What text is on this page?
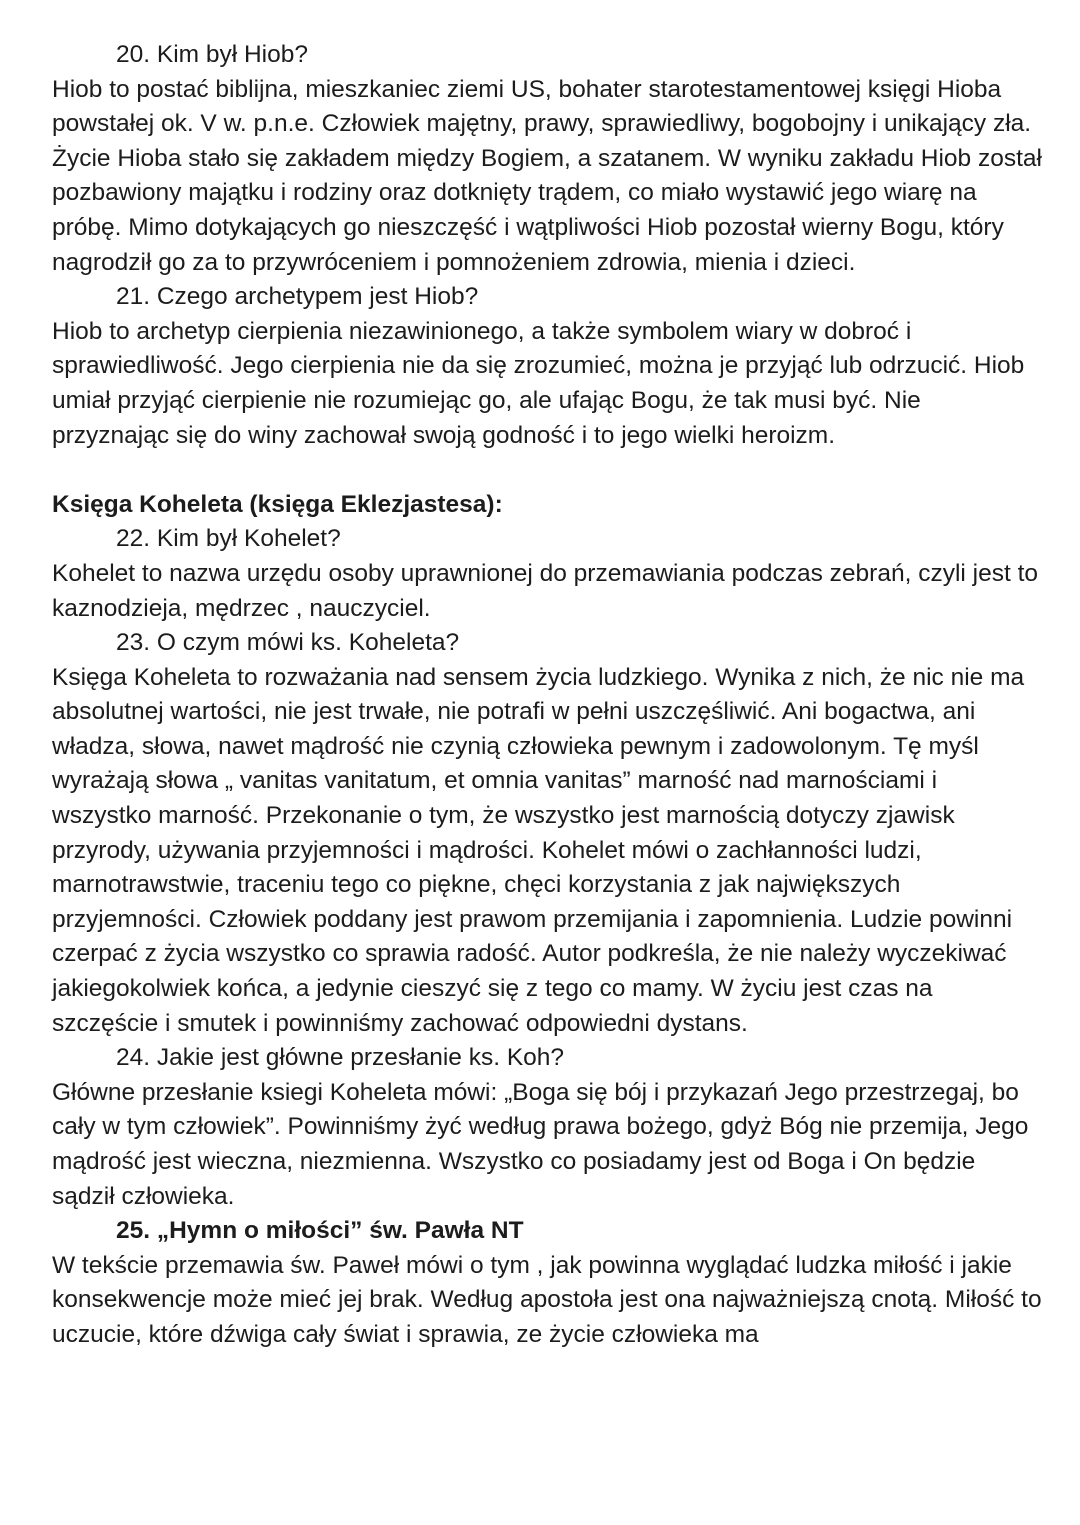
20. Kim był Hiob?

Hiob to postać biblijna, mieszkaniec ziemi US, bohater starotestamentowej księgi Hioba powstałej ok. V w. p.n.e. Człowiek majętny, prawy, sprawiedliwy, bogobojny i unikający zła. Życie Hioba stało się zakładem między Bogiem, a szatanem. W wyniku zakładu Hiob został pozbawiony majątku i rodziny oraz dotknięty trądem, co miało wystawić jego wiarę na próbę. Mimo dotykających go nieszczęść i wątpliwości Hiob pozostał wierny Bogu, który nagrodził go za to przywróceniem i pomnożeniem zdrowia, mienia i dzieci.

21. Czego archetypem jest Hiob?

Hiob to archetyp cierpienia niezawinionego, a także symbolem wiary w dobroć i sprawiedliwość. Jego cierpienia nie da się zrozumieć, można je przyjąć lub odrzucić. Hiob umiał przyjąć cierpienie nie rozumiejąc go, ale ufając Bogu, że tak musi być. Nie przyznając się do winy zachował swoją godność i to jego wielki heroizm.

Księga Koheleta (księga Eklezjastesa):

22. Kim był Kohelet?

Kohelet to nazwa urzędu osoby uprawnionej do przemawiania podczas zebrań, czyli jest to kaznodzieja, mędrzec , nauczyciel.

23. O czym mówi ks. Koheleta?

Księga Koheleta to rozważania nad sensem życia ludzkiego. Wynika z nich, że nic nie ma absolutnej wartości, nie jest trwałe, nie potrafi w pełni uszczęśliwić. Ani bogactwa, ani władza, słowa, nawet mądrość nie czynią człowieka pewnym i zadowolonym. Tę myśl wyrażają słowa „ vanitas vanitatum, et omnia vanitas” marność nad marnościami i wszystko marność. Przekonanie o tym, że wszystko jest marnością dotyczy zjawisk przyrody, używania przyjemności i mądrości. Kohelet mówi o zachłanności ludzi, marnotrawstwie, traceniu tego co piękne, chęci korzystania z jak największych przyjemności. Człowiek poddany jest prawom przemijania i zapomnienia. Ludzie powinni czerpać z życia wszystko co sprawia radość. Autor podkreśla, że nie należy wyczekiwać jakiegokolwiek końca, a jedynie cieszyć się z tego co mamy. W życiu jest czas na szczęście i smutek i powinniśmy zachować odpowiedni dystans.

24. Jakie jest główne przesłanie ks. Koh?

Główne przesłanie ksiegi Koheleta mówi: „Boga się bój i przykazań Jego przestrzegaj, bo cały w tym człowiek”. Powinniśmy żyć według prawa bożego, gdyż Bóg nie przemija, Jego mądrość jest wieczna, niezmienna. Wszystko co posiadamy jest od Boga i On będzie sądził człowieka.

25. „Hymn o miłości” św. Pawła NT

W tekście przemawia św. Paweł mówi o tym , jak powinna wyglądać ludzka miłość i jakie konsekwencje może mieć jej brak. Według apostoła jest ona najważniejszą cnotą. Miłość to uczucie, które dźwiga cały świat i sprawia, ze życie człowieka ma
